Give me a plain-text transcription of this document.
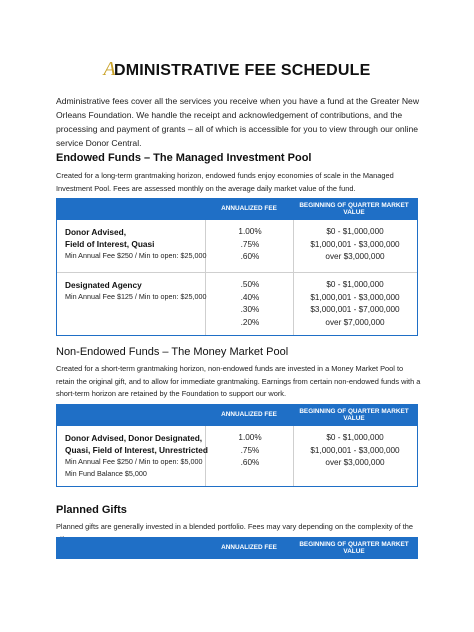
ADMINISTRATIVE FEE SCHEDULE
Administrative fees cover all the services you receive when you have a fund at the Greater New Orleans Foundation. We handle the receipt and acknowledgement of contributions, and the processing and payment of grants – all of which is accessible for you to view through our online service Donor Central.
Endowed Funds – The Managed Investment Pool
Created for a long-term grantmaking horizon, endowed funds enjoy economies of scale in the Managed Investment Pool. Fees are assessed monthly on the average daily market value of the fund.
ANNUALIZED FEE
BEGINNING OF QUARTER MARKET VALUE
Donor Advised,
Field of Interest, Quasi
Min Annual Fee $250 / Min to open: $25,000
1.00%
.75%
.60%
$0 - $1,000,000
$1,000,001 - $3,000,000
over $3,000,000
Designated Agency
Min Annual Fee $125 / Min to open: $25,000
.50%
.40%
.30%
.20%
$0 - $1,000,000
$1,000,001 - $3,000,000
$3,000,001 - $7,000,000
over $7,000,000
Non-Endowed Funds – The Money Market Pool
Created for a short-term grantmaking horizon, non-endowed funds are invested in a Money Market Pool to retain the original gift, and to allow for immediate grantmaking. Earnings from certain non-endowed funds with a short-term horizon are retained by the Foundation to support our work.
ANNUALIZED FEE
BEGINNING OF QUARTER MARKET VALUE
Donor Advised, Donor Designated,
Quasi, Field of Interest, Unrestricted
Min Annual Fee $250 / Min to open: $5,000
Min Fund Balance $5,000
1.00%
.75%
.60%
$0 - $1,000,000
$1,000,001 - $3,000,000
over $3,000,000
Planned Gifts
Planned gifts are generally invested in a blended portfolio. Fees may vary depending on the complexity of the
ANNUALIZED FEE
BEGINNING OF QUARTER MARKET VALUE
